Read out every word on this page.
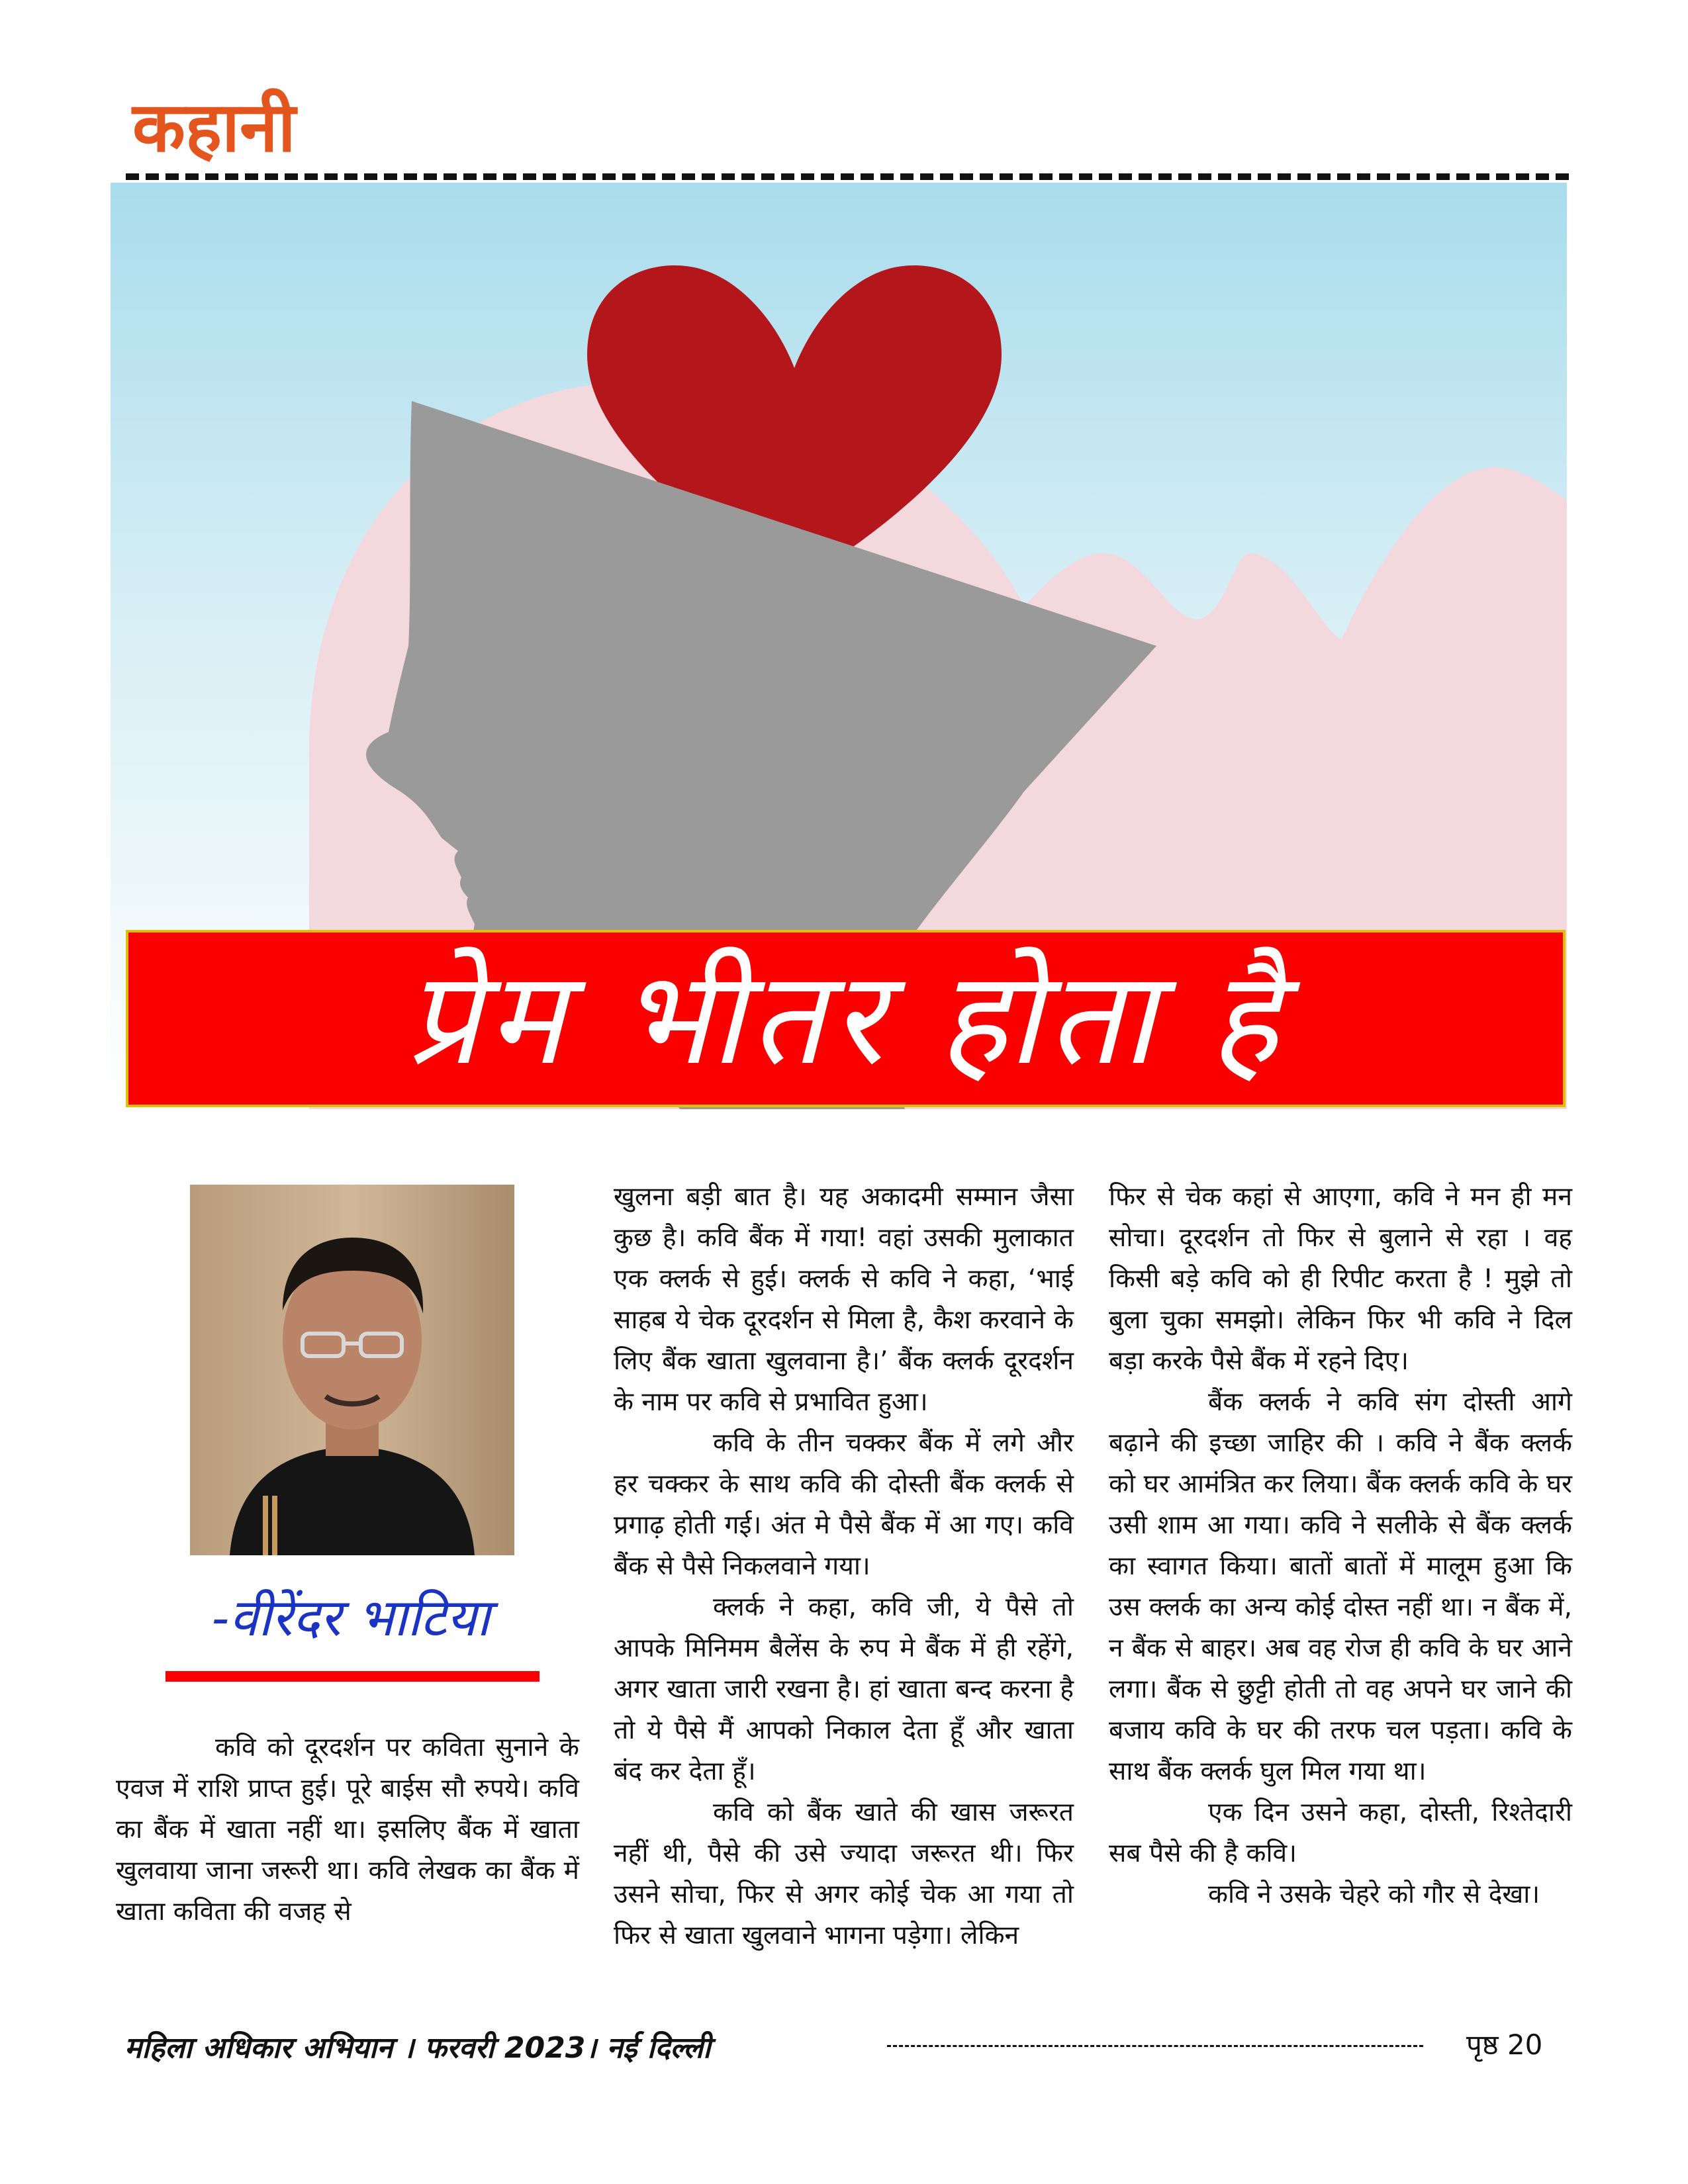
कहानी
प्रेम भीतर होता है
-वीरेंदर भाटिया

कवि को दूरदर्शन पर कविता सुनाने के एवज में राशि प्राप्त हुई। पूरे बाईस सौ रुपये। कवि का बैंक में खाता नहीं था। इसलिए बैंक में खाता खुलवाया जाना जरूरी था। कवि लेखक का बैंक में खाता कविता की वजह से

खुलना बड़ी बात है। यह अकादमी सम्मान जैसा कुछ है। कवि बैंक में गया! वहां उसकी मुलाकात एक क्लर्क से हुई। क्लर्क से कवि ने कहा, ‘भाई साहब ये चेक दूरदर्शन से मिला है, कैश करवाने के लिए बैंक खाता खुलवाना है।’ बैंक क्लर्क दूरदर्शन के नाम पर कवि से प्रभावित हुआ।

कवि के तीन चक्कर बैंक में लगे और हर चक्कर के साथ कवि की दोस्ती बैंक क्लर्क से प्रगाढ़ होती गई। अंत मे पैसे बैंक में आ गए। कवि बैंक से पैसे निकलवाने गया।

क्लर्क ने कहा, कवि जी, ये पैसे तो आपके मिनिमम बैलेंस के रुप मे बैंक में ही रहेंगे, अगर खाता जारी रखना है। हां खाता बन्द करना है तो ये पैसे मैं आपको निकाल देता हूँ और खाता बंद कर देता हूँ।

कवि को बैंक खाते की खास जरूरत नहीं थी, पैसे की उसे ज्यादा जरूरत थी। फिर उसने सोचा, फिर से अगर कोई चेक आ गया तो फिर से खाता खुलवाने भागना पड़ेगा। लेकिन

फिर से चेक कहां से आएगा, कवि ने मन ही मन सोचा। दूरदर्शन तो फिर से बुलाने से रहा । वह किसी बड़े कवि को ही रिपीट करता है ! मुझे तो बुला चुका समझो। लेकिन फिर भी कवि ने दिल बड़ा करके पैसे बैंक में रहने दिए।

बैंक क्लर्क ने कवि संग दोस्ती आगे बढ़ाने की इच्छा जाहिर की । कवि ने बैंक क्लर्क को घर आमंत्रित कर लिया। बैंक क्लर्क कवि के घर उसी शाम आ गया। कवि ने सलीके से बैंक क्लर्क का स्वागत किया। बातों बातों में मालूम हुआ कि उस क्लर्क का अन्य कोई दोस्त नहीं था। न बैंक में, न बैंक से बाहर। अब वह रोज ही कवि के घर आने लगा। बैंक से छुट्टी होती तो वह अपने घर जाने की बजाय कवि के घर की तरफ चल पड़ता। कवि के साथ बैंक क्लर्क घुल मिल गया था।

एक दिन उसने कहा, दोस्ती, रिश्तेदारी सब पैसे की है कवि।

कवि ने उसके चेहरे को गौर से देखा।

महिला अधिकार अभियान । फरवरी 2023। नई दिल्ली	पृष्ठ 20
